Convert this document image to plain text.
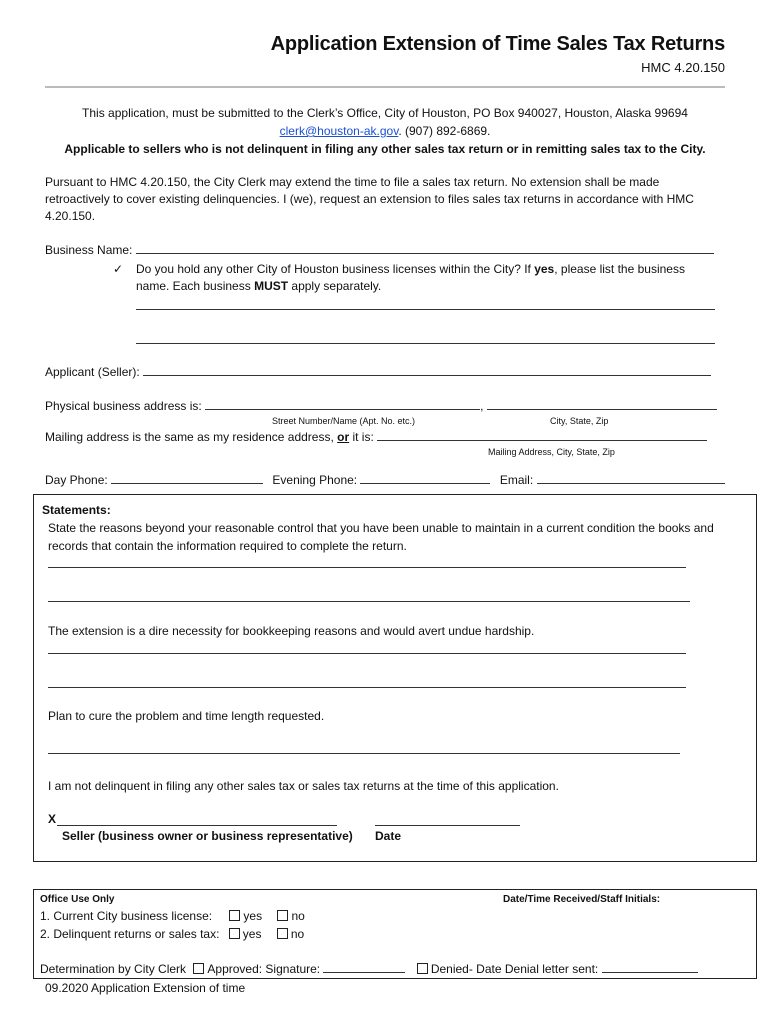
Application Extension of Time Sales Tax Returns
HMC 4.20.150
This application, must be submitted to the Clerk’s Office, City of Houston, PO Box 940027, Houston, Alaska 99694
clerk@houston-ak.gov. (907) 892-6869.
Applicable to sellers who is not delinquent in filing any other sales tax return or in remitting sales tax to the City.
Pursuant to HMC 4.20.150, the City Clerk may extend the time to file a sales tax return. No extension shall be made retroactively to cover existing delinquencies. I (we), request an extension to files sales tax returns in accordance with HMC 4.20.150.
Business Name:
✓ Do you hold any other City of Houston business licenses within the City? If yes, please list the business
name. Each business MUST apply separately.
Applicant (Seller):
Physical business address is:	,
Street Number/Name (Apt. No. etc.)	City, State, Zip
Mailing address is the same as my residence address, or it is:
Mailing Address, City, State, Zip
Day Phone:	Evening Phone:	Email:
Statements:
State the reasons beyond your reasonable control that you have been unable to maintain in a current condition the books and records that contain the information required to complete the return.
The extension is a dire necessity for bookkeeping reasons and would avert undue hardship.
Plan to cure the problem and time length requested.
I am not delinquent in filing any other sales tax or sales tax returns at the time of this application.
X
Seller (business owner or business representative) Date
Office Use Only	Date/Time Received/Staff Initials:
1. Current City business license:	yes no
2. Delinquent returns or sales tax: yes no
Determination by City Clerk Approved: Signature:	Denied- Date Denial letter sent:
09.2020 Application Extension of time
